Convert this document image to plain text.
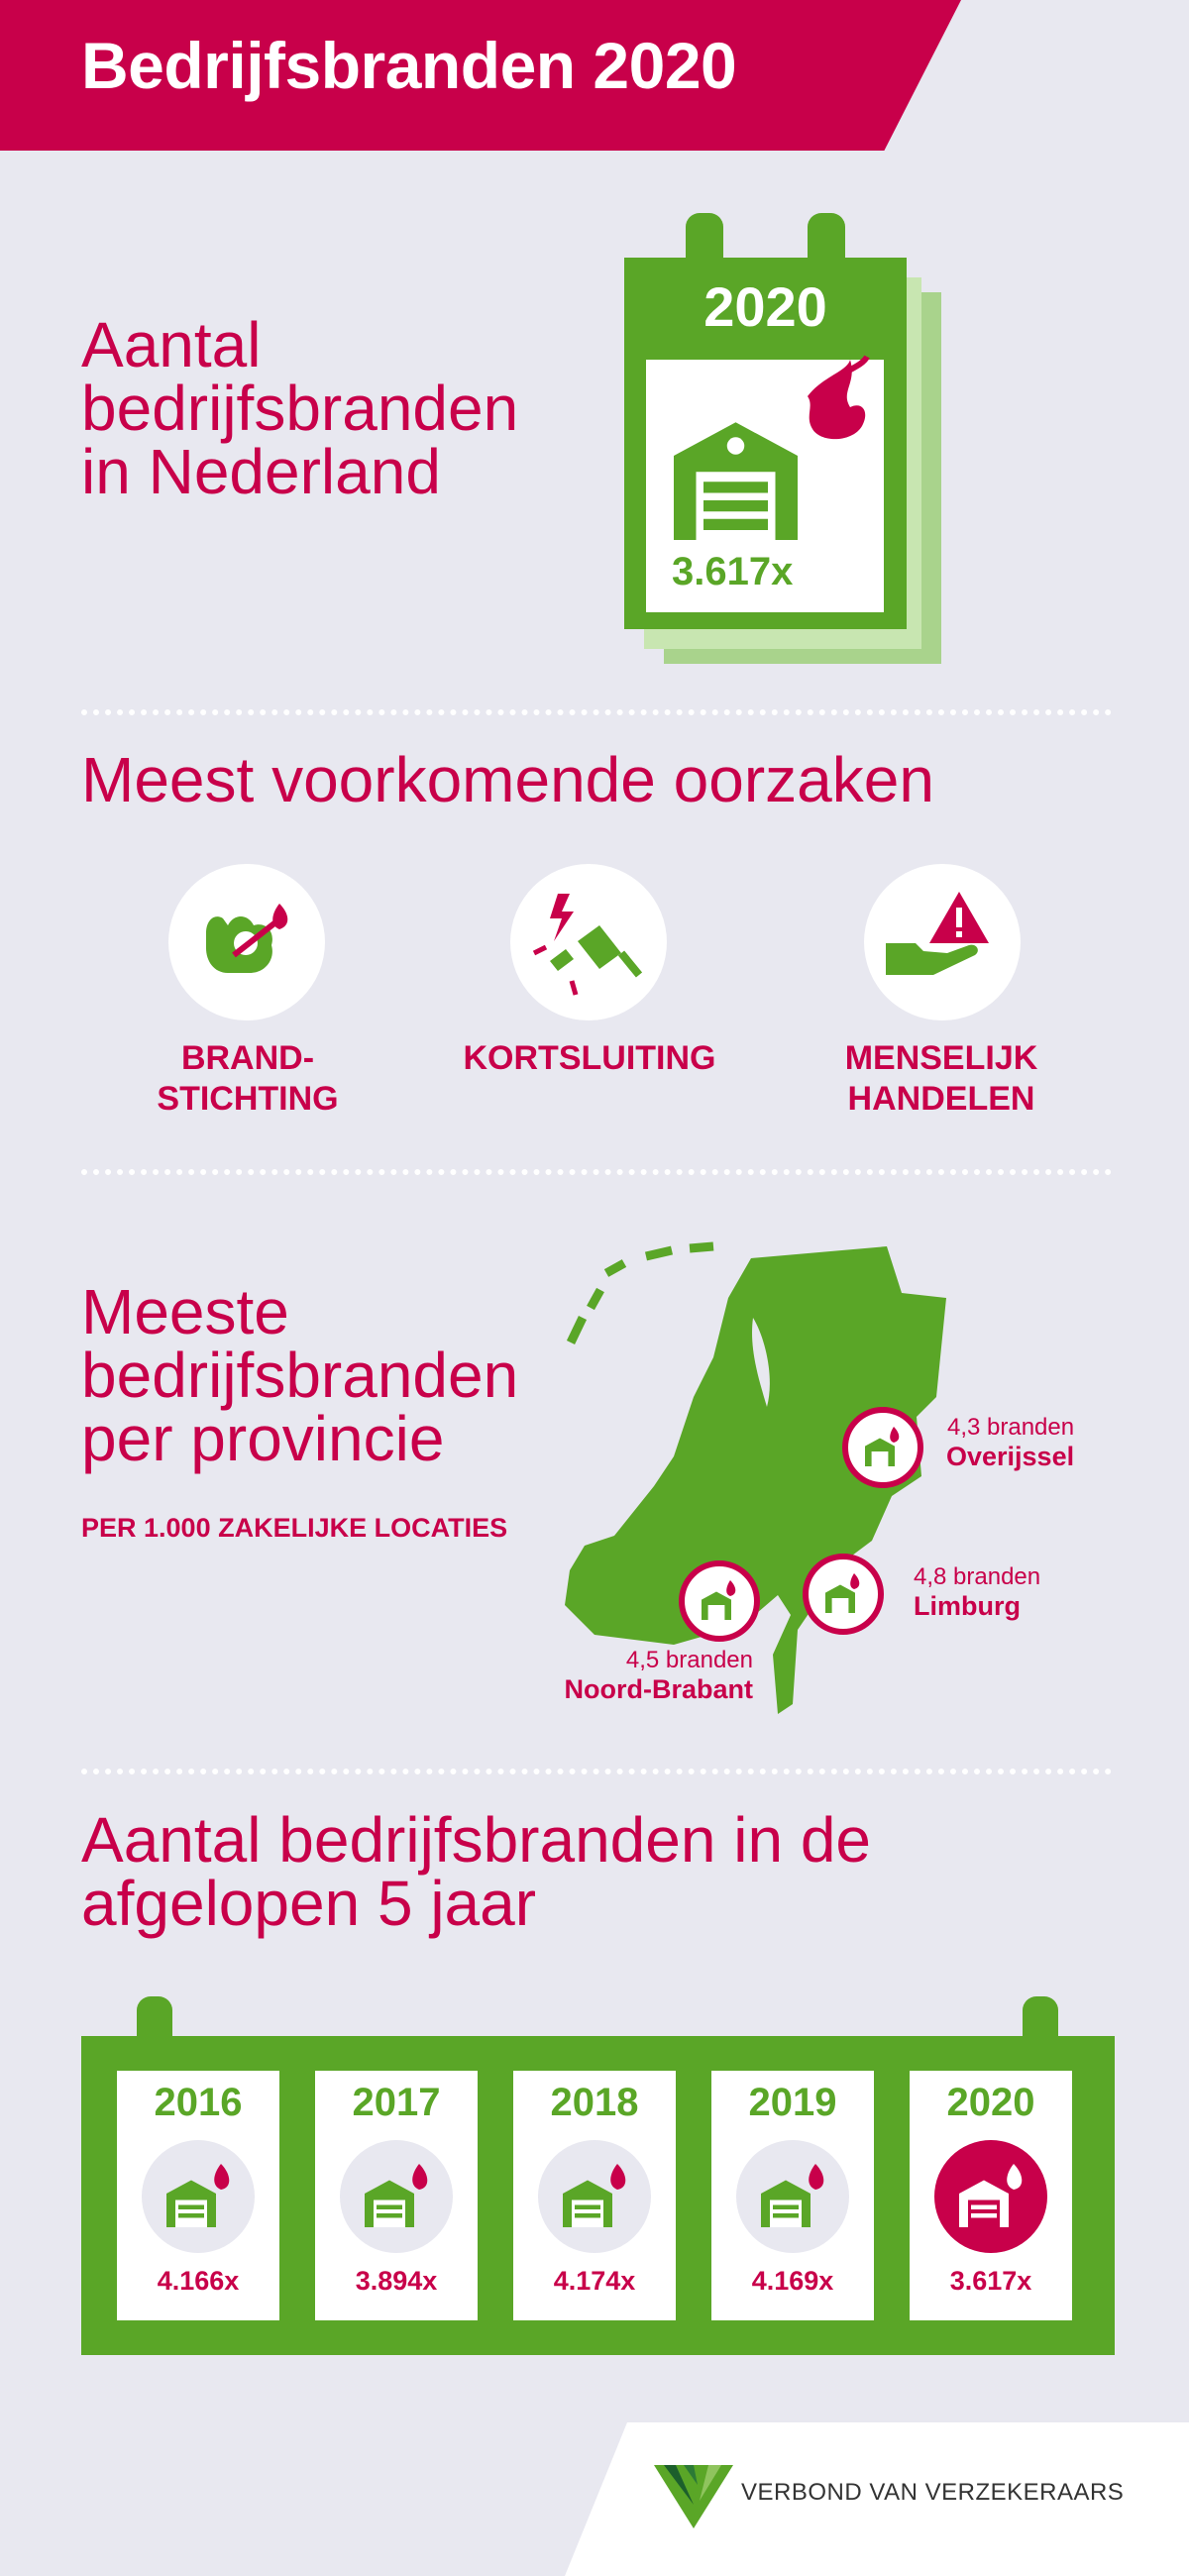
Bedrijfsbranden 2020
Aantal
bedrijfsbranden
in Nederland
2020
3.617x
Meest voorkomende oorzaken
BRAND-
STICHTING
KORTSLUITING	MENSELIJK
HANDELEN
Meeste
bedrijfsbranden
per provincie
PER 1.000 ZAKELIJKE LOCATIES
4,3 branden
Overijssel
4,8 branden
Limburg
4,5 branden
Noord-Brabant
Aantal bedrijfsbranden in de
afgelopen 5 jaar
2016
4.166x
2017
3.894x
2018
4.174x
2019
4.169x
2020
3.617x
VERBOND VAN VERZEKERAARS
